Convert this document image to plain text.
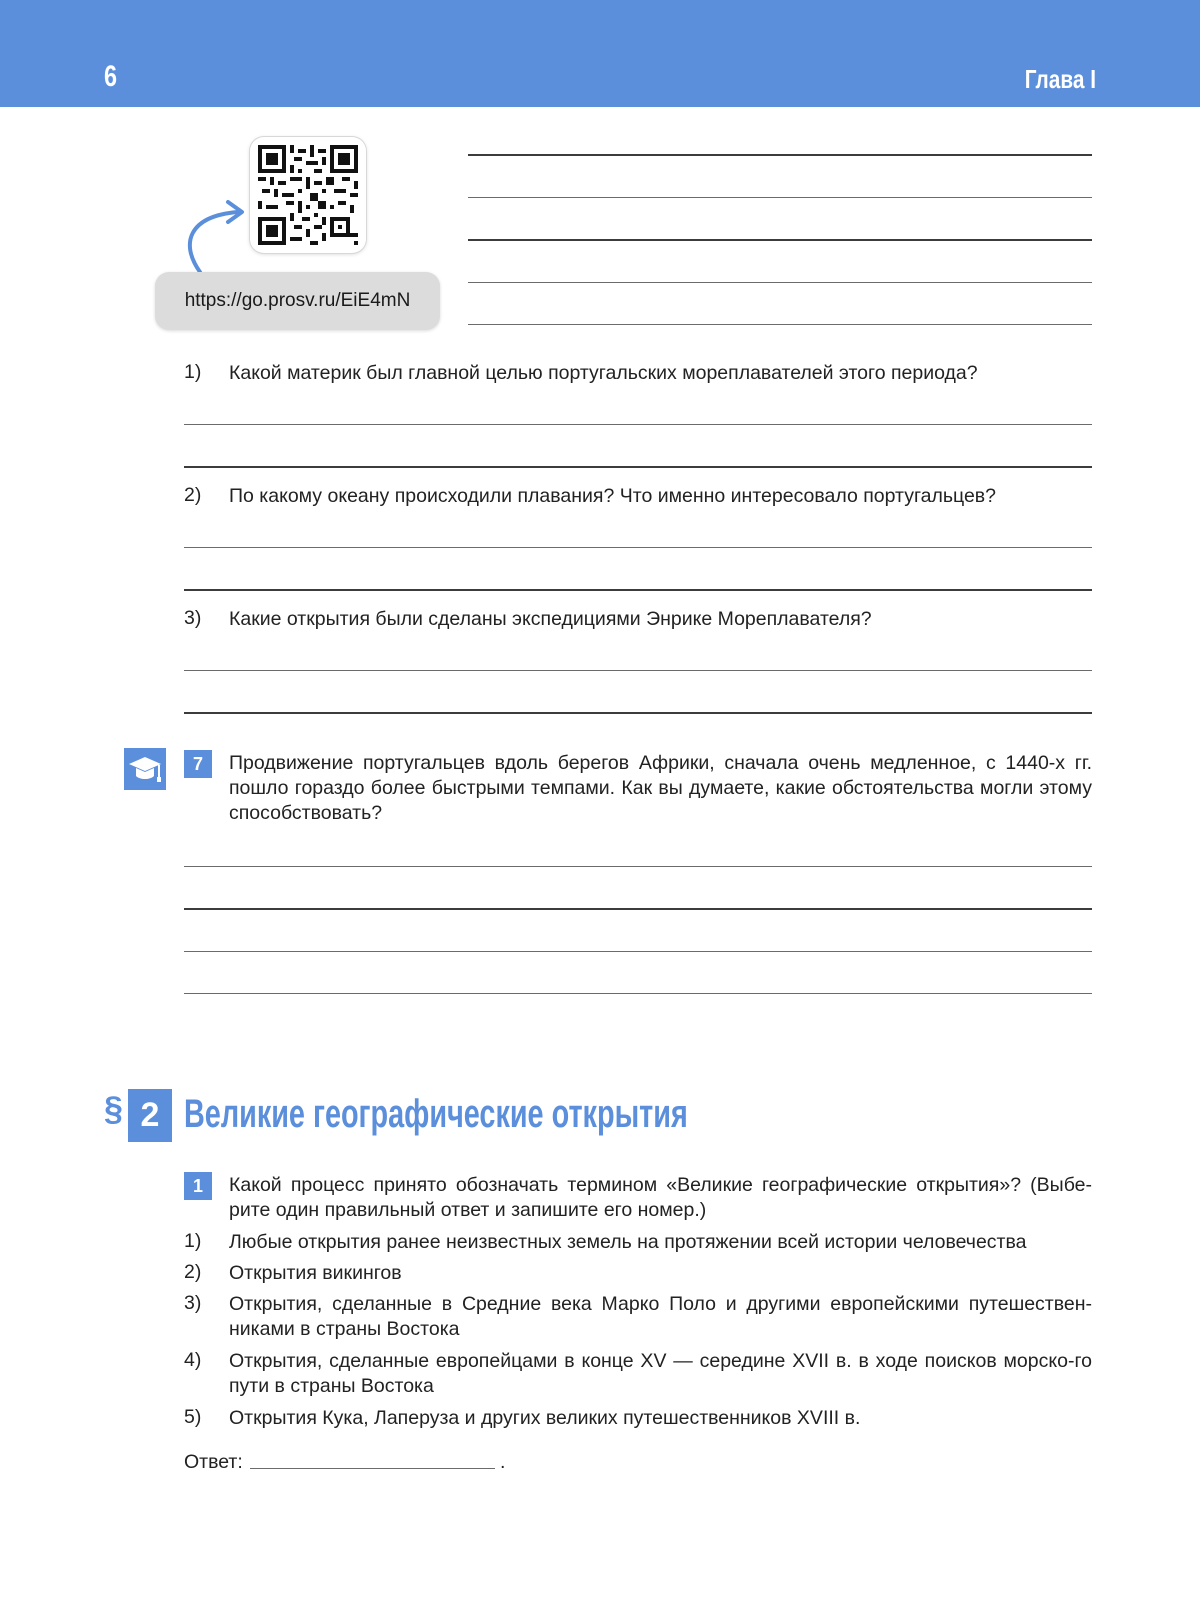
6	Глава I
https://go.prosv.ru/EiE4mN
1) Какой материк был главной целью португальских мореплавателей этого периода?
2) По какому океану происходили плавания? Что именно интересовало португальцев?
3) Какие открытия были сделаны экспедициями Энрике Мореплавателя?
7	Продвижение португальцев вдоль берегов Африки, сначала очень медленное, с 1440-х гг. пошло гораздо более быстрыми темпами. Как вы думаете, какие обстоятельства могли этому способствовать?
§ 2 Великие географические открытия
1	Какой процесс принято обозначать термином «Великие географические открытия»? (Выбе-рите один правильный ответ и запишите его номер.)
1) Любые открытия ранее неизвестных земель на протяжении всей истории человечества
2) Открытия викингов
3) Открытия, сделанные в Средние века Марко Поло и другими европейскими путешествен-никами в страны Востока
4) Открытия, сделанные европейцами в конце XV — середине XVII в. в ходе поисков морско-го пути в страны Востока
5) Открытия Кука, Лаперуза и других великих путешественников XVIII в.
Ответ:	.
